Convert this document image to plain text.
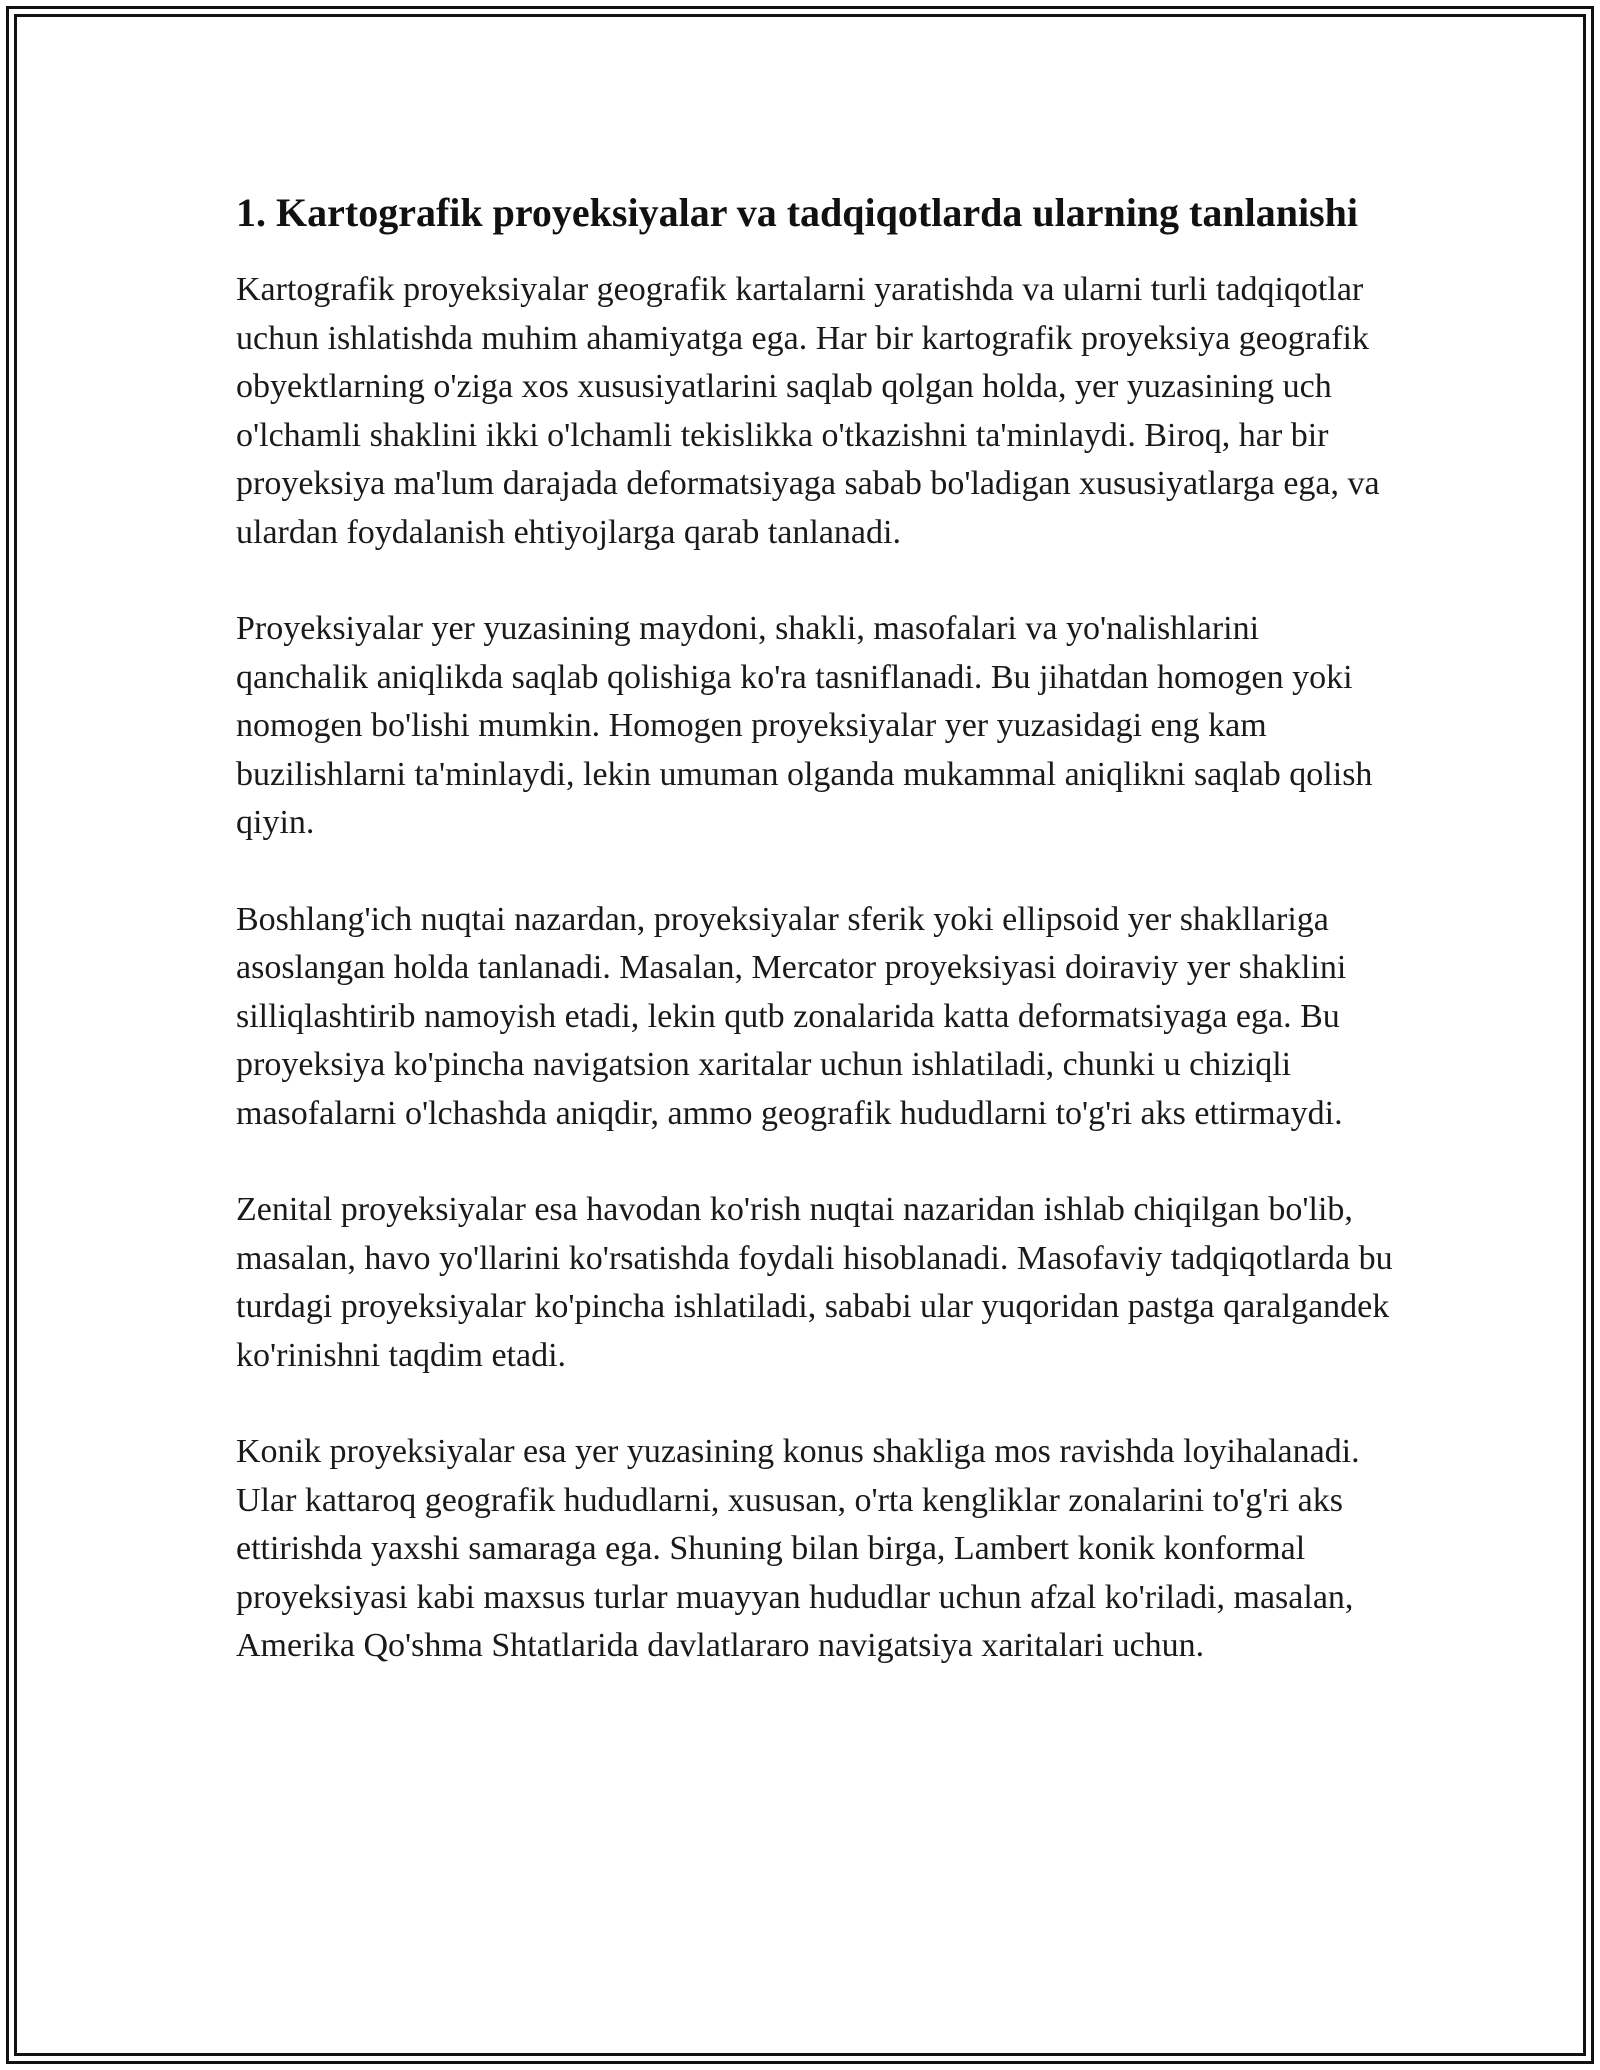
1. Kartografik proyeksiyalar va tadqiqotlarda ularning tanlanishi

Kartografik proyeksiyalar geografik kartalarni yaratishda va ularni turli tadqiqotlar uchun ishlatishda muhim ahamiyatga ega. Har bir kartografik proyeksiya geografik obyektlarning o'ziga xos xususiyatlarini saqlab qolgan holda, yer yuzasining uch o'lchamli shaklini ikki o'lchamli tekislikka o'tkazishni ta'minlaydi. Biroq, har bir proyeksiya ma'lum darajada deformatsiyaga sabab bo'ladigan xususiyatlarga ega, va ulardan foydalanish ehtiyojlarga qarab tanlanadi.

Proyeksiyalar yer yuzasining maydoni, shakli, masofalari va yo'nalishlarini qanchalik aniqlikda saqlab qolishiga ko'ra tasniflanadi. Bu jihatdan homogen yoki nomogen bo'lishi mumkin. Homogen proyeksiyalar yer yuzasidagi eng kam buzilishlarni ta'minlaydi, lekin umuman olganda mukammal aniqlikni saqlab qolish qiyin.

Boshlang'ich nuqtai nazardan, proyeksiyalar sferik yoki ellipsoid yer shakllariga asoslangan holda tanlanadi. Masalan, Mercator proyeksiyasi doiraviy yer shaklini silliqlashtirib namoyish etadi, lekin qutb zonalarida katta deformatsiyaga ega. Bu proyeksiya ko'pincha navigatsion xaritalar uchun ishlatiladi, chunki u chiziqli masofalarni o'lchashda aniqdir, ammo geografik hududlarni to'g'ri aks ettirmaydi.

Zenital proyeksiyalar esa havodan ko'rish nuqtai nazaridan ishlab chiqilgan bo'lib, masalan, havo yo'llarini ko'rsatishda foydali hisoblanadi. Masofaviy tadqiqotlarda bu turdagi proyeksiyalar ko'pincha ishlatiladi, sababi ular yuqoridan pastga qaralgandek ko'rinishni taqdim etadi.

Konik proyeksiyalar esa yer yuzasining konus shakliga mos ravishda loyihalanadi. Ular kattaroq geografik hududlarni, xususan, o'rta kengliklar zonalarini to'g'ri aks ettirishda yaxshi samaraga ega. Shuning bilan birga, Lambert konik konformal proyeksiyasi kabi maxsus turlar muayyan hududlar uchun afzal ko'riladi, masalan, Amerika Qo'shma Shtatlarida davlatlararo navigatsiya xaritalari uchun.
